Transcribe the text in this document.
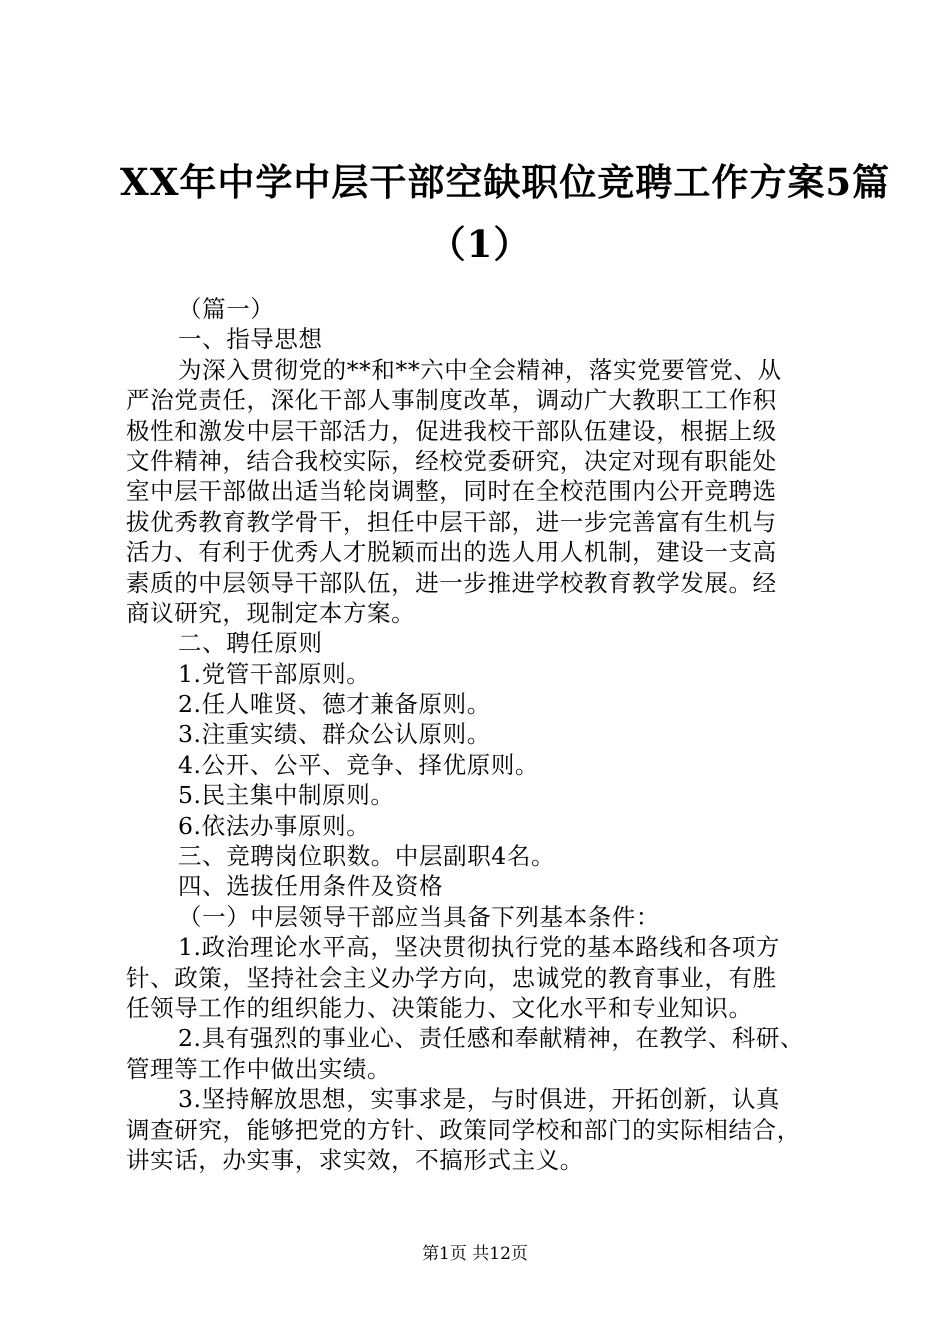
XX年中学中层干部空缺职位竞聘工作方案5篇
（1）
（篇一）
一、指导思想
为深入贯彻党的**和**六中全会精神，落实党要管党、从
严治党责任，深化干部人事制度改革，调动广大教职工工作积
极性和激发中层干部活力，促进我校干部队伍建设，根据上级
文件精神，结合我校实际，经校党委研究，决定对现有职能处
室中层干部做出适当轮岗调整，同时在全校范围内公开竞聘选
拔优秀教育教学骨干，担任中层干部，进一步完善富有生机与
活力、有利于优秀人才脱颖而出的选人用人机制，建设一支高
素质的中层领导干部队伍，进一步推进学校教育教学发展。经
商议研究，现制定本方案。
二、聘任原则
1.党管干部原则。
2.任人唯贤、德才兼备原则。
3.注重实绩、群众公认原则。
4.公开、公平、竞争、择优原则。
5.民主集中制原则。
6.依法办事原则。
三、竞聘岗位职数。中层副职4名。
四、选拔任用条件及资格
（一）中层领导干部应当具备下列基本条件：
1.政治理论水平高，坚决贯彻执行党的基本路线和各项方
针、政策，坚持社会主义办学方向，忠诚党的教育事业，有胜
任领导工作的组织能力、决策能力、文化水平和专业知识。
2.具有强烈的事业心、责任感和奉献精神，在教学、科研、
管理等工作中做出实绩。
3.坚持解放思想，实事求是，与时俱进，开拓创新，认真
调查研究，能够把党的方针、政策同学校和部门的实际相结合，
讲实话，办实事，求实效，不搞形式主义。
第1页 共12页
